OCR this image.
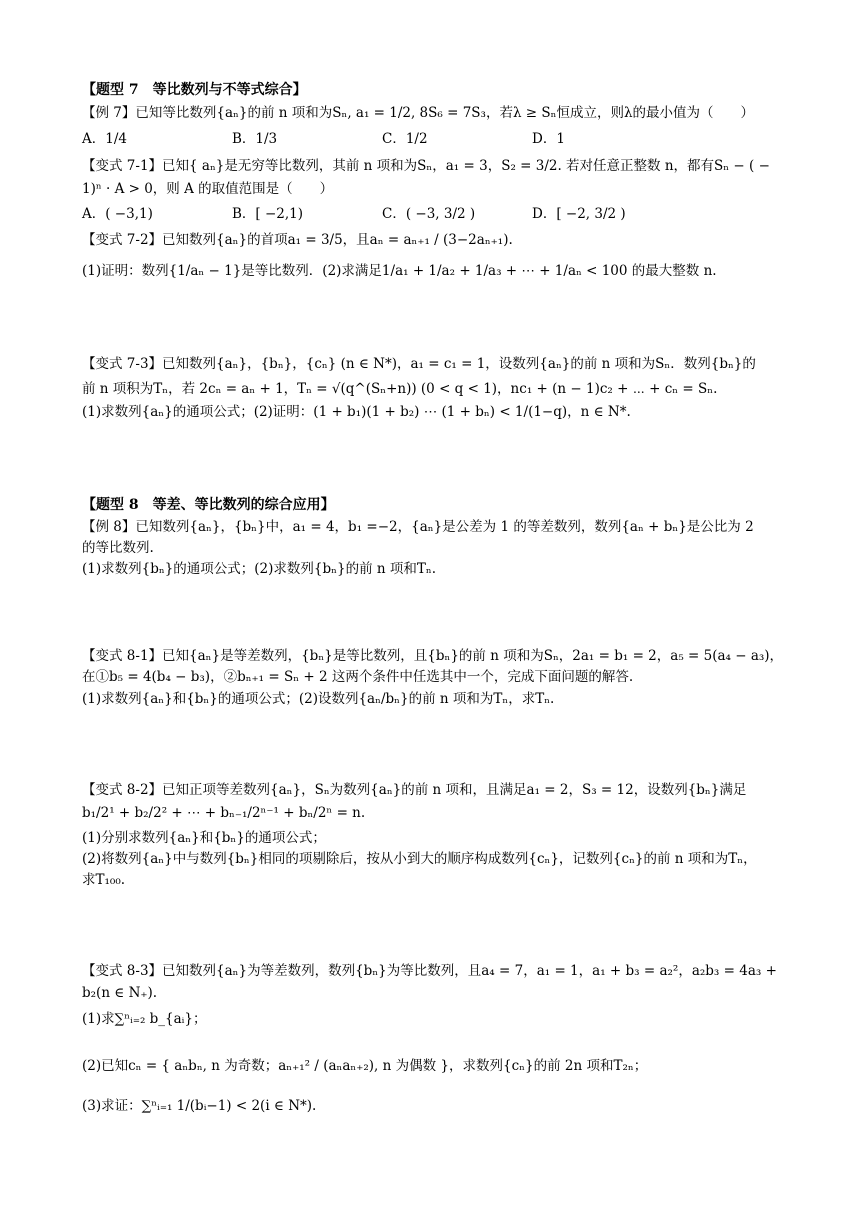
【题型 7　等比数列与不等式综合】
【例 7】已知等比数列{aₙ}的前 n 项和为Sₙ, a₁ = 1/2, 8S₆ = 7S₃，若λ ≥ Sₙ恒成立，则λ的最小值为（　　）
A．1/4	B．1/3	C．1/2	D．1
【变式 7-1】已知{ aₙ}是无穷等比数列，其前 n 项和为Sₙ，a₁ = 3，S₂ = 3/2. 若对任意正整数 n，都有Sₙ − ( −
1)ⁿ · A > 0，则 A 的取值范围是（　　）
A．( −3,1)	B．[ −2,1)	C．( −3, 3/2 )	D．[ −2, 3/2 )
【变式 7-2】已知数列{aₙ}的首项a₁ = 3/5，且aₙ = aₙ₊₁ / (3−2aₙ₊₁).
(1)证明：数列{1/aₙ − 1}是等比数列．(2)求满足1/a₁ + 1/a₂ + 1/a₃ + ⋯ + 1/aₙ < 100 的最大整数 n.
【变式 7-3】已知数列{aₙ}，{bₙ}，{cₙ} (n ∈ N*)，a₁ = c₁ = 1，设数列{aₙ}的前 n 项和为Sₙ．数列{bₙ}的
前 n 项积为Tₙ，若 2cₙ = aₙ + 1，Tₙ = √(q^(Sₙ+n)) (0 < q < 1)，nc₁ + (n − 1)c₂ + ⋯ + cₙ = Sₙ.
(1)求数列{aₙ}的通项公式；(2)证明：(1 + b₁)(1 + b₂) ⋯ (1 + bₙ) < 1/(1−q)，n ∈ N*.
【题型 8　等差、等比数列的综合应用】
【例 8】已知数列{aₙ}，{bₙ}中，a₁ = 4，b₁ =−2，{aₙ}是公差为 1 的等差数列，数列{aₙ + bₙ}是公比为 2
的等比数列.
(1)求数列{bₙ}的通项公式；(2)求数列{bₙ}的前 n 项和Tₙ.
【变式 8-1】已知{aₙ}是等差数列，{bₙ}是等比数列，且{bₙ}的前 n 项和为Sₙ，2a₁ = b₁ = 2，a₅ = 5(a₄ − a₃)，
在①b₅ = 4(b₄ − b₃)，②bₙ₊₁ = Sₙ + 2 这两个条件中任选其中一个，完成下面问题的解答.
(1)求数列{aₙ}和{bₙ}的通项公式；(2)设数列{aₙ/bₙ}的前 n 项和为Tₙ，求Tₙ.
【变式 8-2】已知正项等差数列{aₙ}，Sₙ为数列{aₙ}的前 n 项和，且满足a₁ = 2，S₃ = 12，设数列{bₙ}满足
b₁/2¹ + b₂/2² + ⋯ + bₙ₋₁/2ⁿ⁻¹ + bₙ/2ⁿ = n.
(1)分别求数列{aₙ}和{bₙ}的通项公式；
(2)将数列{aₙ}中与数列{bₙ}相同的项剔除后，按从小到大的顺序构成数列{cₙ}，记数列{cₙ}的前 n 项和为Tₙ，
求T₁₀₀.
【变式 8-3】已知数列{aₙ}为等差数列，数列{bₙ}为等比数列，且a₄ = 7，a₁ = 1，a₁ + b₃ = a₂²，a₂b₃ = 4a₃ +
b₂(n ∈ N₊).
(1)求∑ⁿᵢ₌₂ b_{aᵢ}；
(2)已知cₙ = { aₙbₙ, n 为奇数；aₙ₊₁² / (aₙaₙ₊₂), n 为偶数 }，求数列{cₙ}的前 2n 项和T₂ₙ；
(3)求证：∑ⁿᵢ₌₁ 1/(bᵢ−1) < 2(i ∈ N*).
